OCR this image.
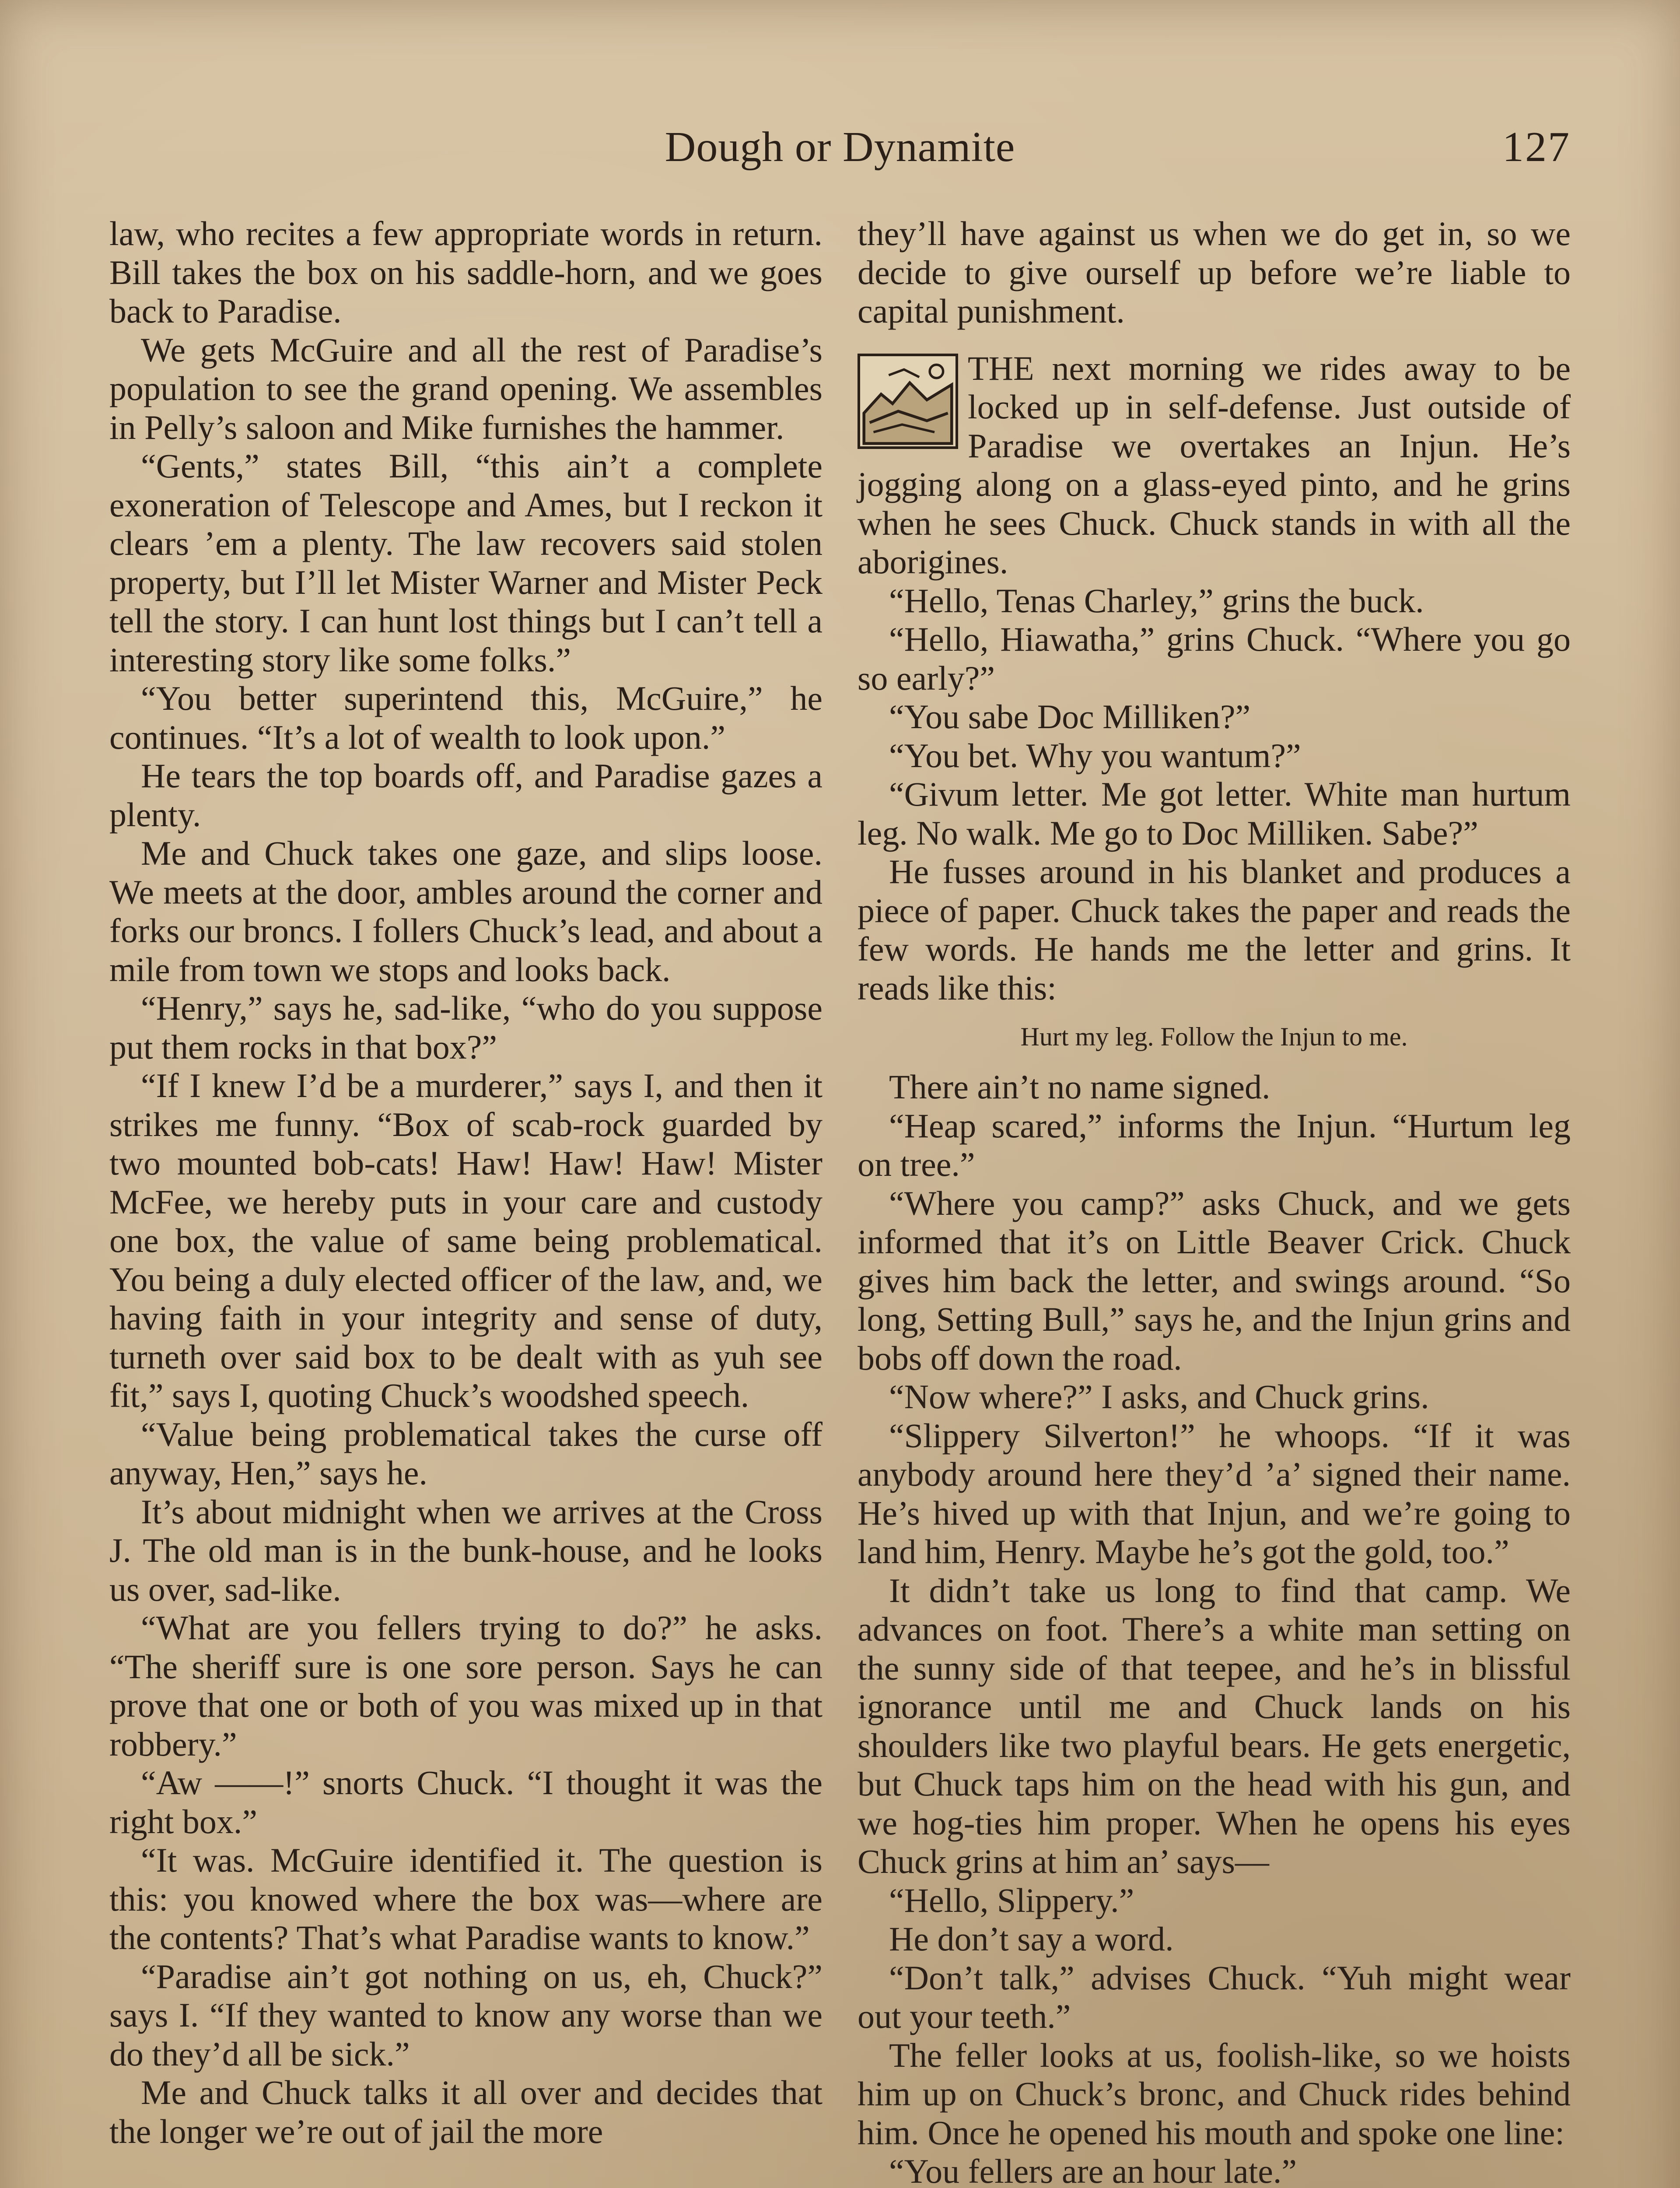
Dough or Dynamite	127

law, who recites a few appropriate words in return. Bill takes the box on his saddle-horn, and we goes back to Paradise.

We gets McGuire and all the rest of Paradise’s population to see the grand opening. We assembles in Pelly’s saloon and Mike furnishes the hammer.

“Gents,” states Bill, “this ain’t a complete exoneration of Telescope and Ames, but I reckon it clears ’em a plenty. The law recovers said stolen property, but I’ll let Mister Warner and Mister Peck tell the story. I can hunt lost things but I can’t tell a interesting story like some folks.”

“You better superintend this, McGuire,” he continues. “It’s a lot of wealth to look upon.”

He tears the top boards off, and Paradise gazes a plenty.

Me and Chuck takes one gaze, and slips loose. We meets at the door, ambles around the corner and forks our broncs. I follers Chuck’s lead, and about a mile from town we stops and looks back.

“Henry,” says he, sad-like, “who do you suppose put them rocks in that box?”

“If I knew I’d be a murderer,” says I, and then it strikes me funny. “Box of scab-rock guarded by two mounted bob-cats! Haw! Haw! Haw! Mister McFee, we hereby puts in your care and custody one box, the value of same being problematical. You being a duly elected officer of the law, and, we having faith in your integrity and sense of duty, turneth over said box to be dealt with as yuh see fit,” says I, quoting Chuck’s woodshed speech.

“Value being problematical takes the curse off anyway, Hen,” says he.

It’s about midnight when we arrives at the Cross J. The old man is in the bunk-house, and he looks us over, sad-like.

“What are you fellers trying to do?” he asks. “The sheriff sure is one sore person. Says he can prove that one or both of you was mixed up in that robbery.”

“Aw ——!” snorts Chuck. “I thought it was the right box.”

“It was. McGuire identified it. The question is this: you knowed where the box was—where are the contents? That’s what Paradise wants to know.”

“Paradise ain’t got nothing on us, eh, Chuck?” says I. “If they wanted to know any worse than we do they’d all be sick.”

Me and Chuck talks it all over and decides that the longer we’re out of jail the more

they’ll have against us when we do get in, so we decide to give ourself up before we’re liable to capital punishment.

THE next morning we rides away to be locked up in self-defense. Just outside of Paradise we overtakes an Injun. He’s jogging along on a glass-eyed pinto, and he grins when he sees Chuck. Chuck stands in with all the aborigines.

“Hello, Tenas Charley,” grins the buck.

“Hello, Hiawatha,” grins Chuck. “Where you go so early?”

“You sabe Doc Milliken?”

“You bet. Why you wantum?”

“Givum letter. Me got letter. White man hurtum leg. No walk. Me go to Doc Milliken. Sabe?”

He fusses around in his blanket and produces a piece of paper. Chuck takes the paper and reads the few words. He hands me the letter and grins. It reads like this:

Hurt my leg. Follow the Injun to me.

There ain’t no name signed.

“Heap scared,” informs the Injun. “Hurtum leg on tree.”

“Where you camp?” asks Chuck, and we gets informed that it’s on Little Beaver Crick. Chuck gives him back the letter, and swings around. “So long, Setting Bull,” says he, and the Injun grins and bobs off down the road.

“Now where?” I asks, and Chuck grins.

“Slippery Silverton!” he whoops. “If it was anybody around here they’d ’a’ signed their name. He’s hived up with that Injun, and we’re going to land him, Henry. Maybe he’s got the gold, too.”

It didn’t take us long to find that camp. We advances on foot. There’s a white man setting on the sunny side of that teepee, and he’s in blissful ignorance until me and Chuck lands on his shoulders like two playful bears. He gets energetic, but Chuck taps him on the head with his gun, and we hog-ties him proper. When he opens his eyes Chuck grins at him an’ says—

“Hello, Slippery.”

He don’t say a word.

“Don’t talk,” advises Chuck. “Yuh might wear out your teeth.”

The feller looks at us, foolish-like, so we hoists him up on Chuck’s bronc, and Chuck rides behind him. Once he opened his mouth and spoke one line:

“You fellers are an hour late.”
